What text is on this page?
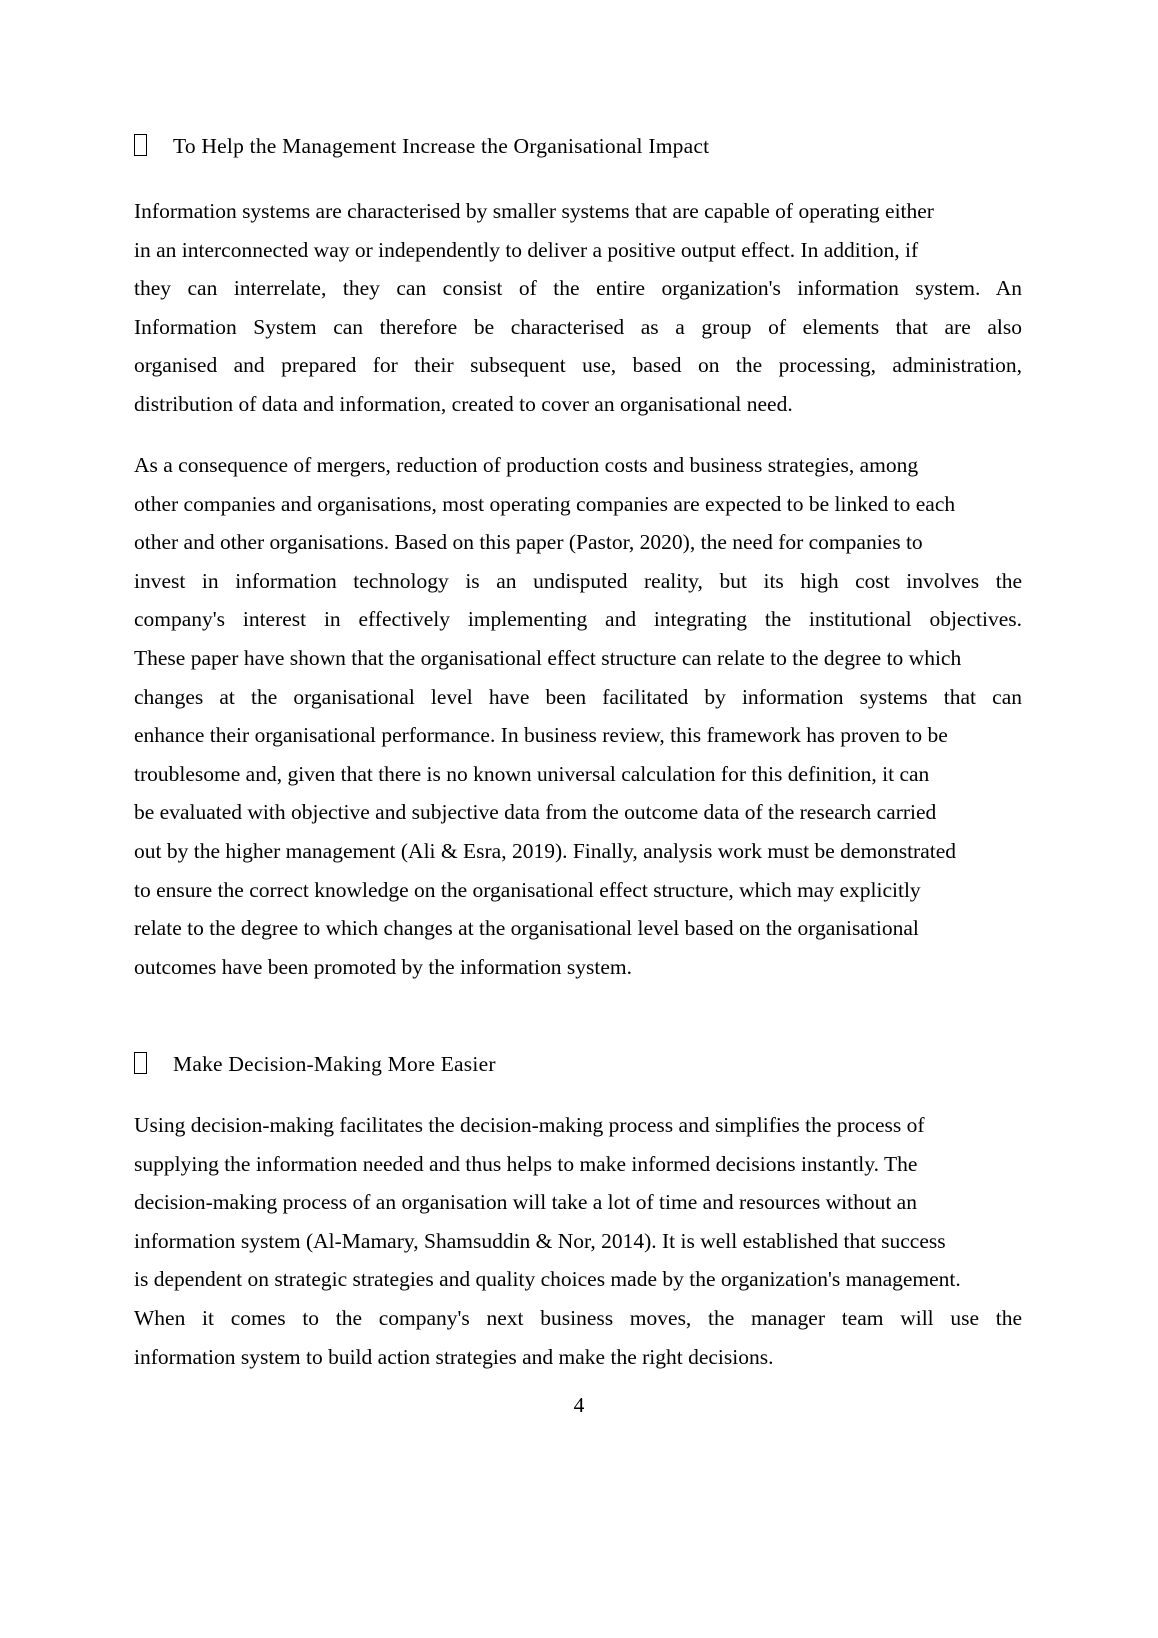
To Help the Management Increase the Organisational Impact
Information systems are characterised by smaller systems that are capable of operating either
in an interconnected way or independently to deliver a positive output effect. In addition, if
they can interrelate, they can consist of the entire organization's information system. An
Information System can therefore be characterised as a group of elements that are also
organised and prepared for their subsequent use, based on the processing, administration,
distribution of data and information, created to cover an organisational need.
As a consequence of mergers, reduction of production costs and business strategies, among
other companies and organisations, most operating companies are expected to be linked to each
other and other organisations. Based on this paper (Pastor, 2020), the need for companies to
invest in information technology is an undisputed reality, but its high cost involves the
company's interest in effectively implementing and integrating the institutional objectives.
These paper have shown that the organisational effect structure can relate to the degree to which
changes at the organisational level have been facilitated by information systems that can
enhance their organisational performance. In business review, this framework has proven to be
troublesome and, given that there is no known universal calculation for this definition, it can
be evaluated with objective and subjective data from the outcome data of the research carried
out by the higher management (Ali & Esra, 2019). Finally, analysis work must be demonstrated
to ensure the correct knowledge on the organisational effect structure, which may explicitly
relate to the degree to which changes at the organisational level based on the organisational
outcomes have been promoted by the information system.
Make Decision-Making More Easier
Using decision-making facilitates the decision-making process and simplifies the process of
supplying the information needed and thus helps to make informed decisions instantly. The
decision-making process of an organisation will take a lot of time and resources without an
information system (Al-Mamary, Shamsuddin & Nor, 2014). It is well established that success
is dependent on strategic strategies and quality choices made by the organization's management.
When it comes to the company's next business moves, the manager team will use the
information system to build action strategies and make the right decisions.
4
